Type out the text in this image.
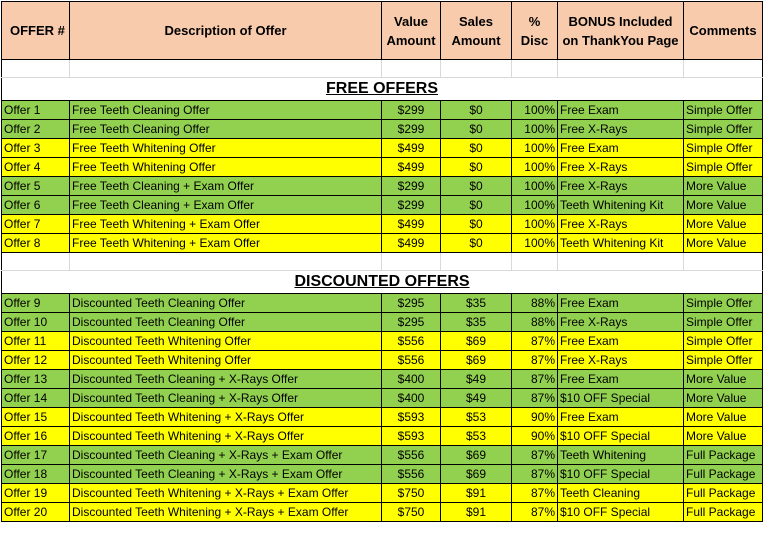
OFFER #	Description of Offer	Value Amount	Sales Amount	% Disc	BONUS Included on ThankYou Page	Comments

FREE OFFERS						
Offer 1	Free Teeth Cleaning Offer	$299	$0	100%	Free Exam	Simple Offer
Offer 2	Free Teeth Cleaning Offer	$299	$0	100%	Free X-Rays	Simple Offer
Offer 3	Free Teeth Whitening Offer	$499	$0	100%	Free Exam	Simple Offer
Offer 4	Free Teeth Whitening Offer	$499	$0	100%	Free X-Rays	Simple Offer
Offer 5	Free Teeth Cleaning + Exam Offer	$299	$0	100%	Free X-Rays	More Value
Offer 6	Free Teeth Cleaning + Exam Offer	$299	$0	100%	Teeth Whitening Kit	More Value
Offer 7	Free Teeth Whitening + Exam Offer	$499	$0	100%	Free X-Rays	More Value
Offer 8	Free Teeth Whitening + Exam Offer	$499	$0	100%	Teeth Whitening Kit	More Value

DISCOUNTED OFFERS						
Offer 9	Discounted Teeth Cleaning Offer	$295	$35	88%	Free Exam	Simple Offer
Offer 10	Discounted Teeth Cleaning Offer	$295	$35	88%	Free X-Rays	Simple Offer
Offer 11	Discounted Teeth Whitening Offer	$556	$69	87%	Free Exam	Simple Offer
Offer 12	Discounted Teeth Whitening Offer	$556	$69	87%	Free X-Rays	Simple Offer
Offer 13	Discounted Teeth Cleaning + X-Rays Offer	$400	$49	87%	Free Exam	More Value
Offer 14	Discounted Teeth Cleaning + X-Rays Offer	$400	$49	87%	$10 OFF Special	More Value
Offer 15	Discounted Teeth Whitening + X-Rays Offer	$593	$53	90%	Free Exam	More Value
Offer 16	Discounted Teeth Whitening + X-Rays Offer	$593	$53	90%	$10 OFF Special	More Value
Offer 17	Discounted Teeth Cleaning + X-Rays + Exam Offer	$556	$69	87%	Teeth Whitening	Full Package
Offer 18	Discounted Teeth Cleaning + X-Rays + Exam Offer	$556	$69	87%	$10 OFF Special	Full Package
Offer 19	Discounted Teeth Whitening + X-Rays + Exam Offer	$750	$91	87%	Teeth Cleaning	Full Package
Offer 20	Discounted Teeth Whitening + X-Rays + Exam Offer	$750	$91	87%	$10 OFF Special	Full Package
